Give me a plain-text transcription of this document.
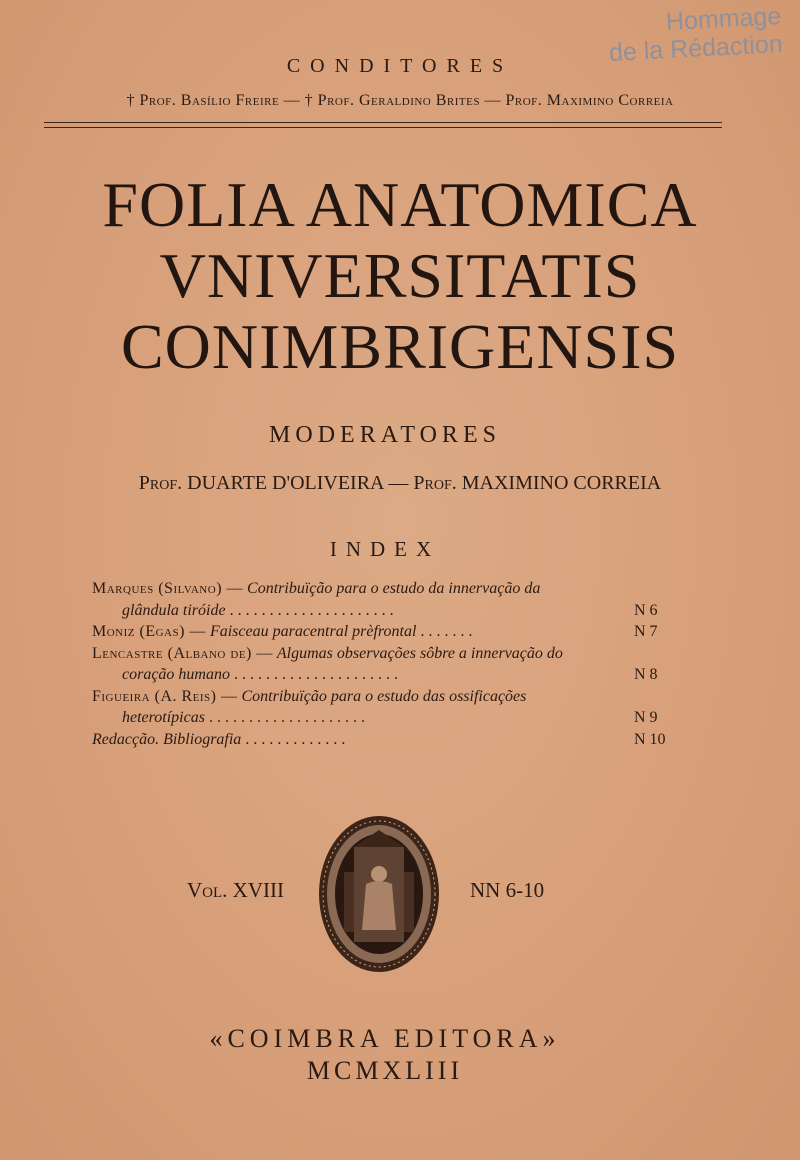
Hommage
de la Rédaction
CONDITORES
† Prof. Basílio Freire — † Prof. Geraldino Brites — Prof. Maximino Correia
FOLIA ANATOMICA
VNIVERSITATIS
CONIMBRIGENSIS
MODERATORES
Prof. DUARTE D'OLIVEIRA — Prof. MAXIMINO CORREIA
INDEX
Marques (Silvano) — Contribuïção para o estudo da innervação da
glândula tiróide . . . . . . . . . . . . . . . . . . . . .	N 6
Moniz (Egas) — Faisceau paracentral prèfrontal . . . . . . .	N 7
Lencastre (Albano de) — Algumas observações sôbre a innervação do
coração humano . . . . . . . . . . . . . . . . . . . . .	N 8
Figueira (A. Reis) — Contribuïção para o estudo das ossificações
heterotípicas . . . . . . . . . . . . . . . . . . . .	N 9
Redacção. Bibliografia . . . . . . . . . . . . .	N 10
Vol. XVIII	NN 6-10
«COIMBRA EDITORA»
MCMXLIII
